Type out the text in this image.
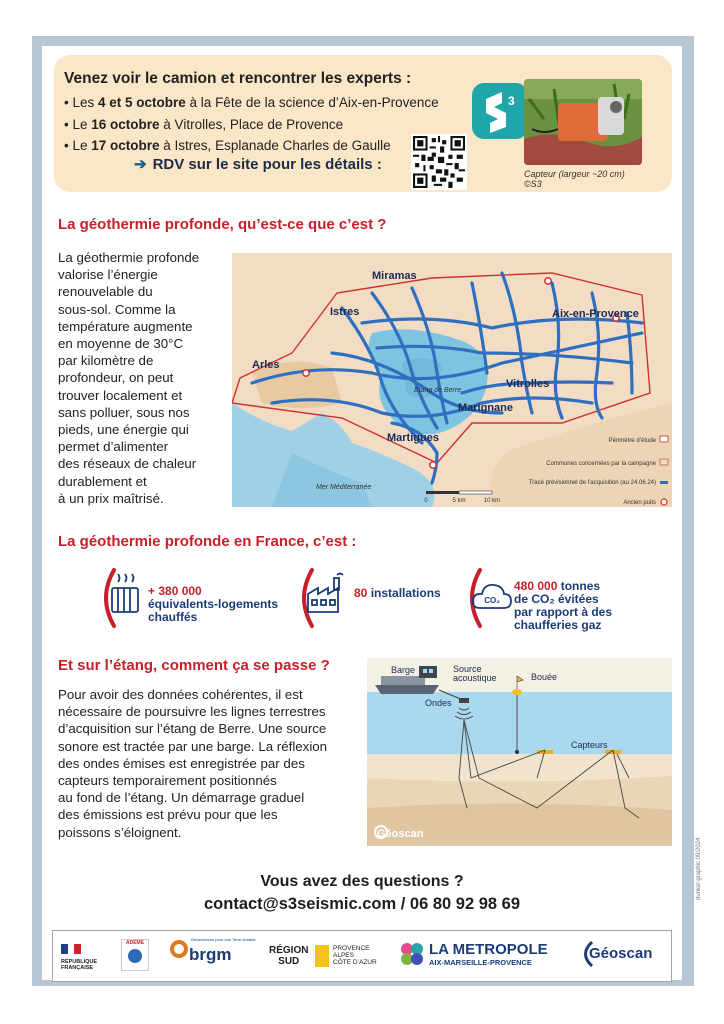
Venez voir le camion et rencontrer les experts :
• Les 4 et 5 octobre à la Fête de la science d’Aix-en-Provence
• Le 16 octobre à Vitrolles, Place de Provence
• Le 17 octobre à Istres, Esplanade Charles de Gaulle
➔ RDV sur le site pour les détails :
3
Capteur (largeur ~20 cm) ©S3
La géothermie profonde, qu’est-ce que c’est ?
La géothermie profonde
valorise l’énergie
renouvelable du
sous-sol. Comme la
température augmente
en moyenne de 30°C
par kilomètre de
profondeur, on peut
trouver localement et
sans polluer, sous nos
pieds, une énergie qui
permet d’alimenter
des réseaux de chaleur
durablement et
à un prix maîtrisé.
Miramas
Istres	Aix-en-Provence
Arles
Vitrolles
Marignane
Martigues
Etang de Berre
Mer Méditerranée
Périmètre d’étude
Communes concernées par la campagne
Tracé prévisionnel de l’acquisition (au 24.06.24)
Ancien puits
0	5 km	10 km
La géothermie profonde en France, c’est :
+ 380 000
équivalents-logements
chauffés
80 installations
CO₂
480 000 tonnes
de CO₂ évitées
par rapport à des
chaufferies gaz
Et sur l’étang, comment ça se passe ?
Pour avoir des données cohérentes, il est
nécessaire de poursuivre les lignes terrestres
d’acquisition sur l’étang de Berre. Une source
sonore est tractée par une barge. La réflexion
des ondes émises est enregistrée par des
capteurs temporairement positionnés
au fond de l’étang. Un démarrage graduel
des émissions est prévu pour que les
poissons s’éloignent.
Barge	Source
acoustique	Bouée
Ondes
Capteurs
Géoscan
Vous avez des questions ?
contact@s3seismic.com / 06 80 92 98 69
RÉPUBLIQUE
FRANÇAISE
ADEME
Géosciences pour une Terre durable
brgm	RÉGION
SUD
PROVENCE
ALPES
CÔTE D’AZUR
LA METROPOLE
AIX-MARSEILLE-PROVENCE
Géoscan
dunkel graphic 09/2024
